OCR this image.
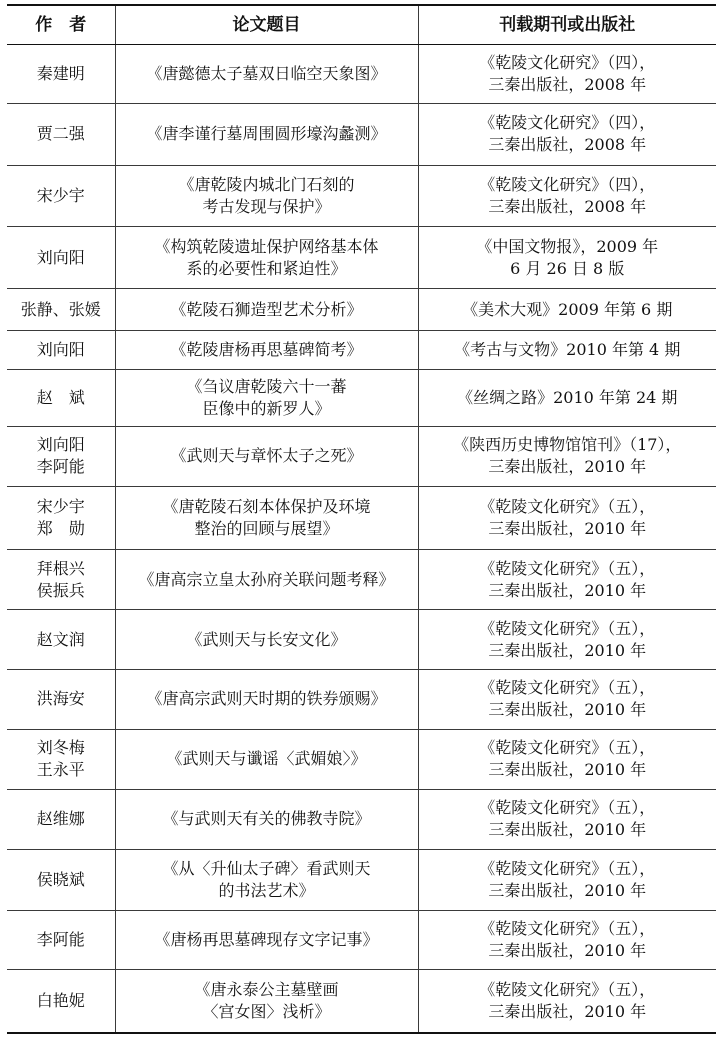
作　者	论文题目	刊载期刊或出版社

秦建明	《唐懿德太子墓双日临空天象图》	《乾陵文化研究》（四），
三秦出版社，2008 年

贾二强	《唐李谨行墓周围圆形壕沟蠡测》	《乾陵文化研究》（四），
三秦出版社，2008 年

宋少宇	《唐乾陵内城北门石刻的
考古发现与保护》	《乾陵文化研究》（四），
三秦出版社，2008 年

刘向阳	《构筑乾陵遗址保护网络基本体
系的必要性和紧迫性》	《中国文物报》，2009 年
6 月 26 日 8 版

张静、张媛	《乾陵石狮造型艺术分析》	《美术大观》2009 年第 6 期

刘向阳	《乾陵唐杨再思墓碑简考》	《考古与文物》2010 年第 4 期

赵　斌	《刍议唐乾陵六十一蕃
臣像中的新罗人》	《丝绸之路》2010 年第 24 期

刘向阳
李阿能	《武则天与章怀太子之死》	《陕西历史博物馆馆刊》（17），
三秦出版社，2010 年

宋少宇
郑　勋	《唐乾陵石刻本体保护及环境
整治的回顾与展望》	《乾陵文化研究》（五），
三秦出版社，2010 年

拜根兴
侯振兵	《唐高宗立皇太孙府关联问题考释》	《乾陵文化研究》（五），
三秦出版社，2010 年

赵文润	《武则天与长安文化》	《乾陵文化研究》（五），
三秦出版社，2010 年

洪海安	《唐高宗武则天时期的铁券颁赐》	《乾陵文化研究》（五），
三秦出版社，2010 年

刘冬梅
王永平	《武则天与谶谣〈武媚娘〉》	《乾陵文化研究》（五），
三秦出版社，2010 年

赵维娜	《与武则天有关的佛教寺院》	《乾陵文化研究》（五），
三秦出版社，2010 年

侯晓斌	《从〈升仙太子碑〉看武则天
的书法艺术》	《乾陵文化研究》（五），
三秦出版社，2010 年

李阿能	《唐杨再思墓碑现存文字记事》	《乾陵文化研究》（五），
三秦出版社，2010 年

白艳妮	《唐永泰公主墓壁画
〈宫女图〉浅析》	《乾陵文化研究》（五），
三秦出版社，2010 年
